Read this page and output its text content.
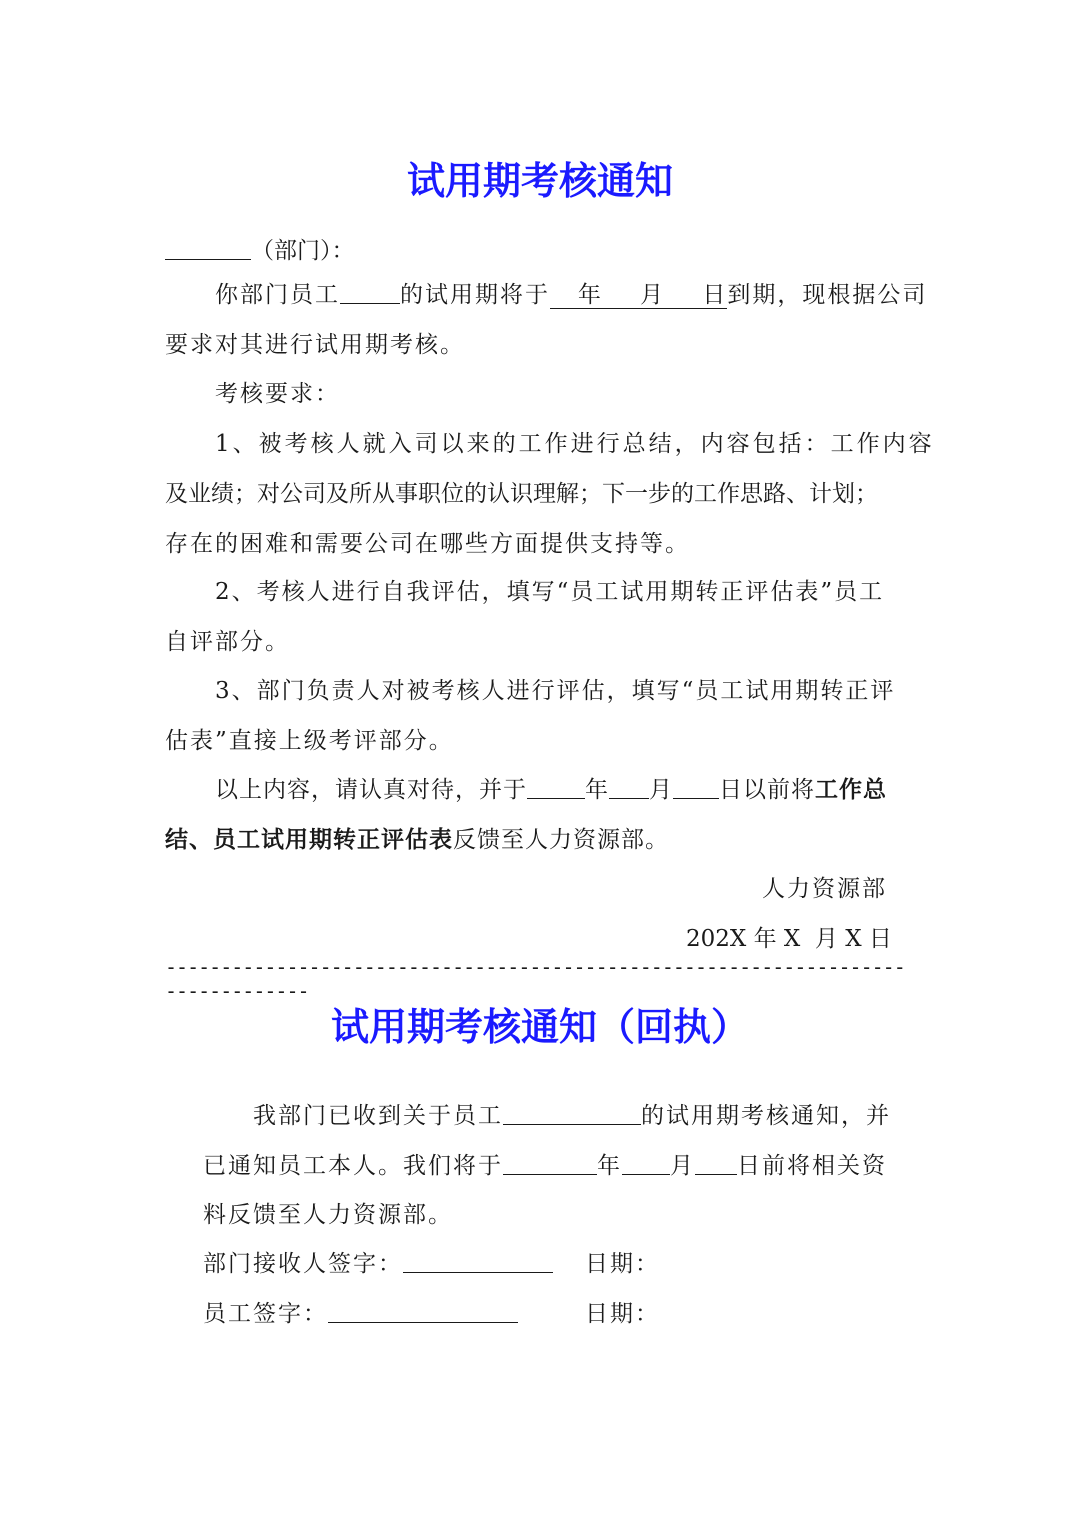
试用期考核通知
（部门）：
你部门员工	的试用期将于   年    月    日到期，现根据公司
要求对其进行试用期考核。
考核要求：
1、被考核人就入司以来的工作进行总结，内容包括：工作内容
及业绩；对公司及所从事职位的认识理解；下一步的工作思路、计划；
存在的困难和需要公司在哪些方面提供支持等。
2、考核人进行自我评估，填写“员工试用期转正评估表”员工
自评部分。
3、部门负责人对被考核人进行评估，填写“员工试用期转正评
估表”直接上级考评部分。
以上内容，请认真对待，并于	年 月 日以前将工作总
结、员工试用期转正评估表反馈至人力资源部。
人力资源部
202X 年 X  月 X 日
--------------------------------------------------------------------------------
试用期考核通知（回执）
我部门已收到关于员工	的试用期考核通知，并
已通知员工本人。我们将于	年 月 日前将相关资
料反馈至人力资源部。
部门接收人签字：	日期：
员工签字：	日期：
